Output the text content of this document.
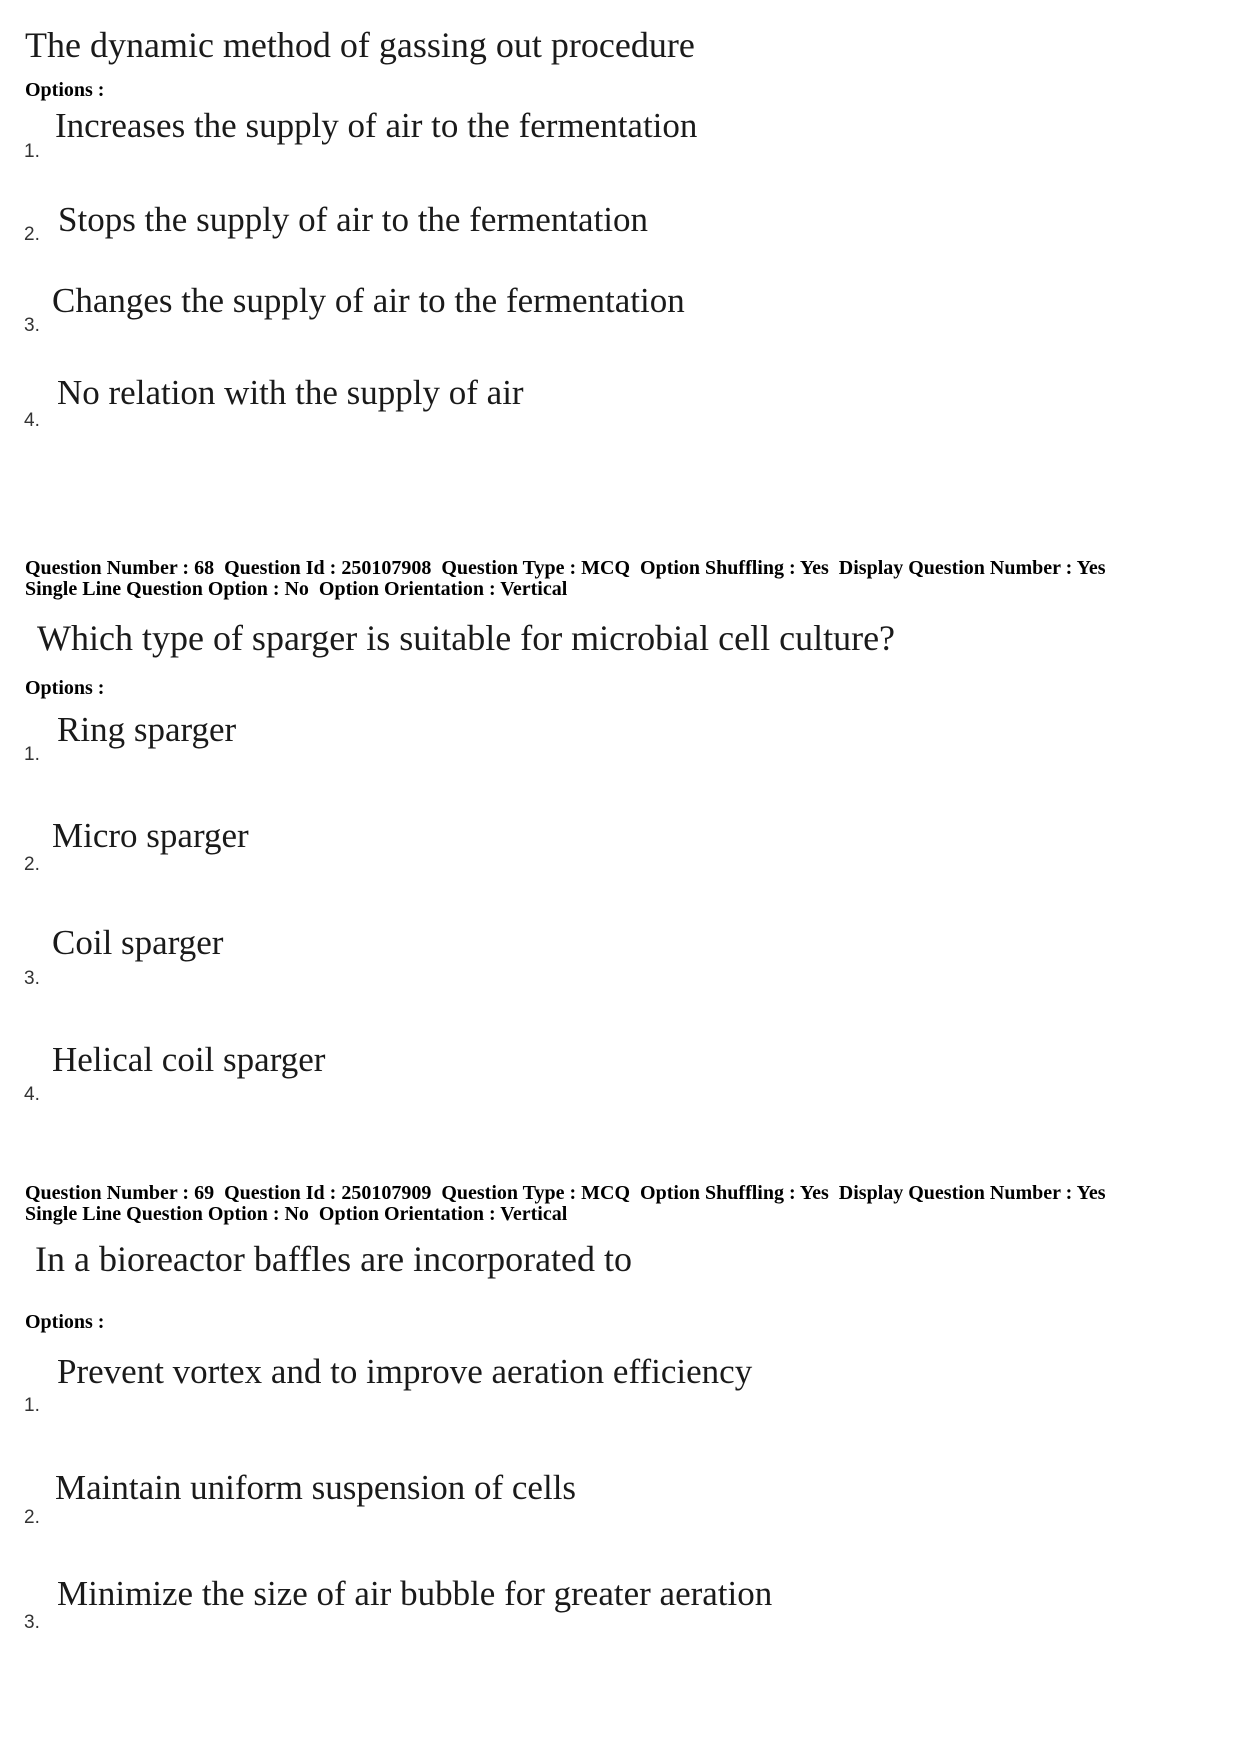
The dynamic method of gassing out procedure
Options :
Increases the supply of air to the fermentation
1.
Stops the supply of air to the fermentation
2.
Changes the supply of air to the fermentation
3.
No relation with the supply of air
4.
Question Number : 68  Question Id : 250107908  Question Type : MCQ  Option Shuffling : Yes  Display Question Number : Yes
Single Line Question Option : No  Option Orientation : Vertical
Which type of sparger is suitable for microbial cell culture?
Options :
Ring sparger
1.
Micro sparger
2.
Coil sparger
3.
Helical coil sparger
4.
Question Number : 69  Question Id : 250107909  Question Type : MCQ  Option Shuffling : Yes  Display Question Number : Yes
Single Line Question Option : No  Option Orientation : Vertical
In a bioreactor baffles are incorporated to
Options :
Prevent vortex and to improve aeration efficiency
1.
Maintain uniform suspension of cells
2.
Minimize the size of air bubble for greater aeration
3.
